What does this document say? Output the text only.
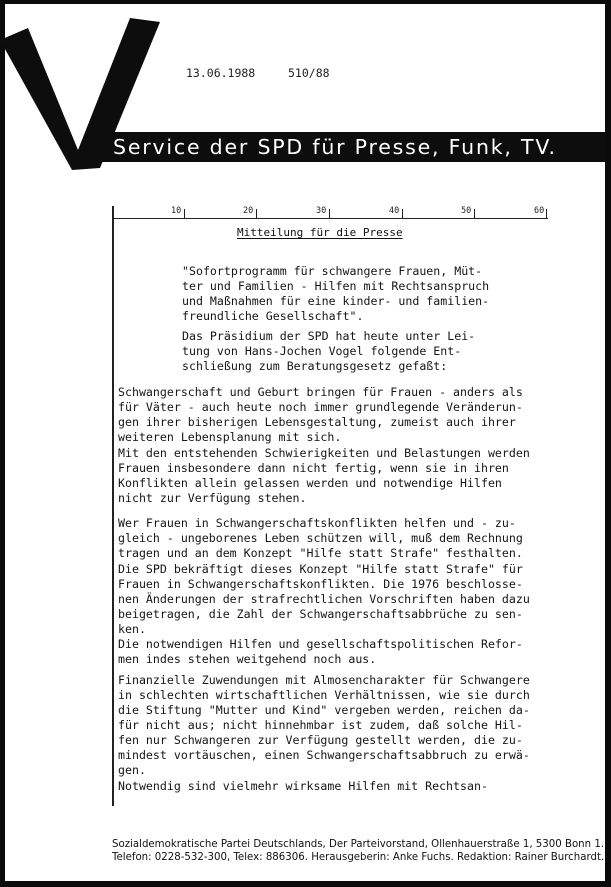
Service der SPD für Presse, Funk, TV.
13.06.1988	510/88
10	20	30	40	50	60
Mitteilung für die Presse
"Sofortprogramm für schwangere Frauen, Müt-
ter und Familien - Hilfen mit Rechtsanspruch
und Maßnahmen für eine kinder- und familien-
freundliche Gesellschaft".
Das Präsidium der SPD hat heute unter Lei-
tung von Hans-Jochen Vogel folgende Ent-
schließung zum Beratungsgesetz gefaßt:
Schwangerschaft und Geburt bringen für Frauen - anders als
für Väter - auch heute noch immer grundlegende Veränderun-
gen ihrer bisherigen Lebensgestaltung, zumeist auch ihrer
weiteren Lebensplanung mit sich.
Mit den entstehenden Schwierigkeiten und Belastungen werden
Frauen insbesondere dann nicht fertig, wenn sie in ihren
Konflikten allein gelassen werden und notwendige Hilfen
nicht zur Verfügung stehen.
Wer Frauen in Schwangerschaftskonflikten helfen und - zu-
gleich - ungeborenes Leben schützen will, muß dem Rechnung
tragen und an dem Konzept "Hilfe statt Strafe" festhalten.
Die SPD bekräftigt dieses Konzept "Hilfe statt Strafe" für
Frauen in Schwangerschaftskonflikten. Die 1976 beschlosse-
nen Änderungen der strafrechtlichen Vorschriften haben dazu
beigetragen, die Zahl der Schwangerschaftsabbrüche zu sen-
ken.
Die notwendigen Hilfen und gesellschaftspolitischen Refor-
men indes stehen weitgehend noch aus.
Finanzielle Zuwendungen mit Almosencharakter für Schwangere
in schlechten wirtschaftlichen Verhältnissen, wie sie durch
die Stiftung "Mutter und Kind" vergeben werden, reichen da-
für nicht aus; nicht hinnehmbar ist zudem, daß solche Hil-
fen nur Schwangeren zur Verfügung gestellt werden, die zu-
mindest vortäuschen, einen Schwangerschaftsabbruch zu erwä-
gen.
Notwendig sind vielmehr wirksame Hilfen mit Rechtsan-
Sozialdemokratische Partei Deutschlands, Der Parteivorstand, Ollenhauerstraße 1, 5300 Bonn 1.
Telefon: 0228-532-300, Telex: 886306. Herausgeberin: Anke Fuchs. Redaktion: Rainer Burchardt.
